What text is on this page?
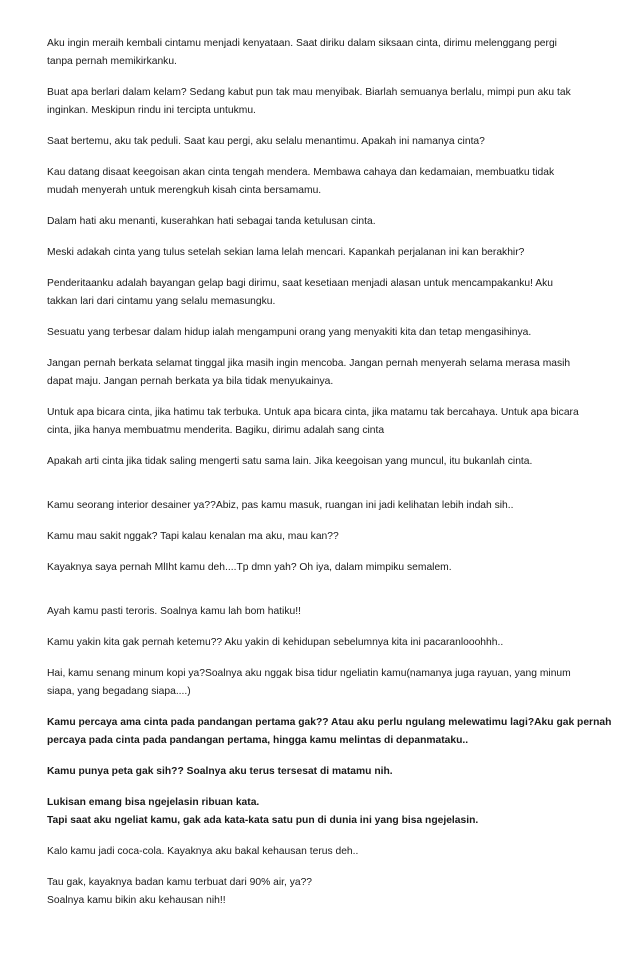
Aku ingin meraih kembali cintamu menjadi kenyataan. Saat diriku dalam siksaan cinta, dirimu melenggang pergi
tanpa pernah memikirkanku.

Buat apa berlari dalam kelam? Sedang kabut pun tak mau menyibak. Biarlah semuanya berlalu, mimpi pun aku tak
inginkan. Meskipun rindu ini tercipta untukmu.

Saat bertemu, aku tak peduli. Saat kau pergi, aku selalu menantimu. Apakah ini namanya cinta?

Kau datang disaat keegoisan akan cinta tengah mendera. Membawa cahaya dan kedamaian, membuatku tidak
mudah menyerah untuk merengkuh kisah cinta bersamamu.

Dalam hati aku menanti, kuserahkan hati sebagai tanda ketulusan cinta.

Meski adakah cinta yang tulus setelah sekian lama lelah mencari. Kapankah perjalanan ini kan berakhir?

Penderitaanku adalah bayangan gelap bagi dirimu, saat kesetiaan menjadi alasan untuk mencampakanku! Aku
takkan lari dari cintamu yang selalu memasungku.

Sesuatu yang terbesar dalam hidup ialah mengampuni orang yang menyakiti kita dan tetap mengasihinya.

Jangan pernah berkata selamat tinggal jika masih ingin mencoba. Jangan pernah menyerah selama merasa masih
dapat maju. Jangan pernah berkata ya bila tidak menyukainya.

Untuk apa bicara cinta, jika hatimu tak terbuka. Untuk apa bicara cinta, jika matamu tak bercahaya. Untuk apa bicara
cinta, jika hanya membuatmu menderita. Bagiku, dirimu adalah sang cinta

Apakah arti cinta jika tidak saling mengerti satu sama lain. Jika keegoisan yang muncul, itu bukanlah cinta.

Kamu seorang interior desainer ya??Abiz, pas kamu masuk, ruangan ini jadi kelihatan lebih indah sih..

Kamu mau sakit nggak? Tapi kalau kenalan ma aku, mau kan??

Kayaknya saya pernah MlIht kamu deh....Tp dmn yah? Oh iya, dalam mimpiku semalem.

Ayah kamu pasti teroris. Soalnya kamu lah bom hatiku!!

Kamu yakin kita gak pernah ketemu?? Aku yakin di kehidupan sebelumnya kita ini pacaranlooohhh..

Hai, kamu senang minum kopi ya?Soalnya aku nggak bisa tidur ngeliatin kamu(namanya juga rayuan, yang minum
siapa, yang begadang siapa....)

Kamu percaya ama cinta pada pandangan pertama gak?? Atau aku perlu ngulang melewatimu lagi?Aku gak pernah
percaya pada cinta pada pandangan pertama, hingga kamu melintas di depanmataku..

Kamu punya peta gak sih?? Soalnya aku terus tersesat di matamu nih.

Lukisan emang bisa ngejelasin ribuan kata.
Tapi saat aku ngeliat kamu, gak ada kata-kata satu pun di dunia ini yang bisa ngejelasin.

Kalo kamu jadi coca-cola. Kayaknya aku bakal kehausan terus deh..

Tau gak, kayaknya badan kamu terbuat dari 90% air, ya??
Soalnya kamu bikin aku kehausan nih!!
